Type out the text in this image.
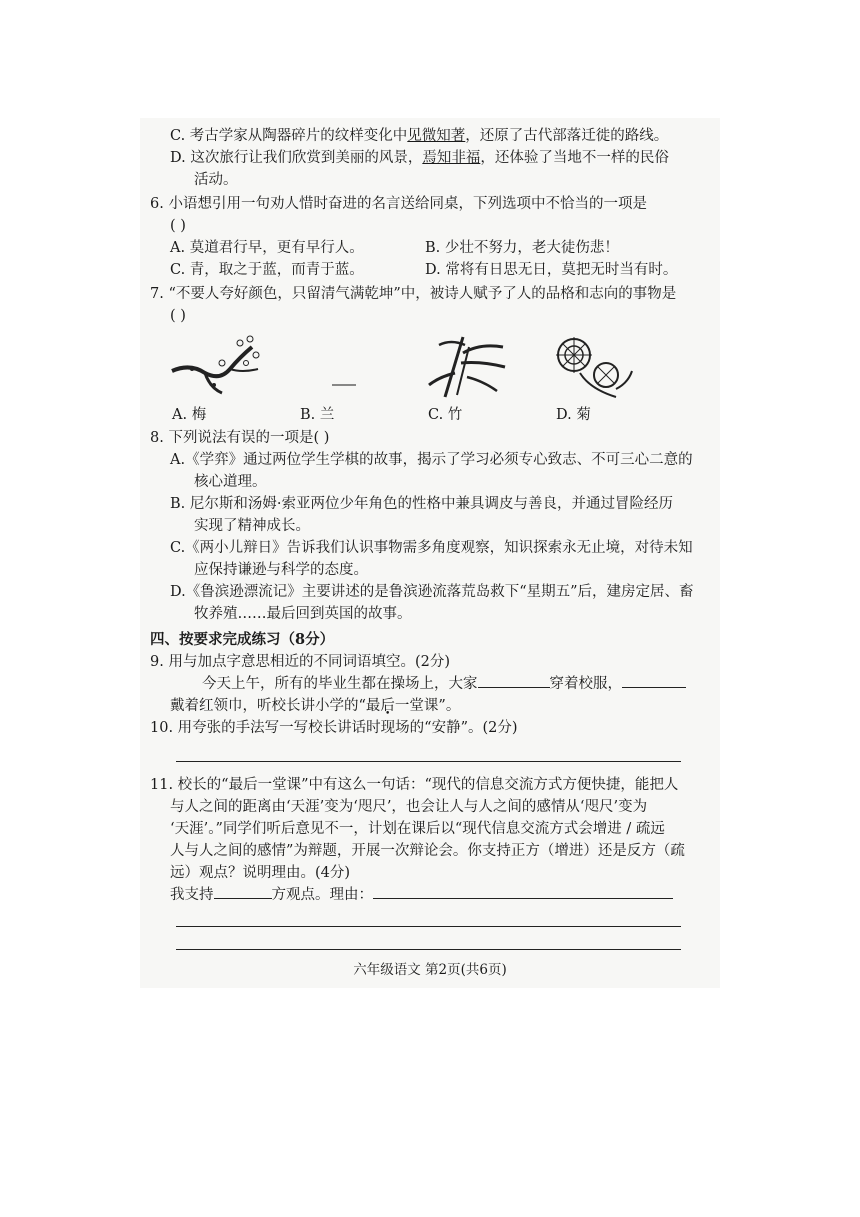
C. 考古学家从陶器碎片的纹样变化中见微知著，还原了古代部落迁徙的路线。
D. 这次旅行让我们欣赏到美丽的风景，焉知非福，还体验了当地不一样的民俗
活动。
6. 小语想引用一句劝人惜时奋进的名言送给同桌，下列选项中不恰当的一项是
( )
A. 莫道君行早，更有早行人。	B. 少壮不努力，老大徒伤悲！
C. 青，取之于蓝，而青于蓝。	D. 常将有日思无日，莫把无时当有时。
7. “不要人夸好颜色，只留清气满乾坤”中，被诗人赋予了人的品格和志向的事物是
( )
A. 梅	B. 兰	C. 竹	D. 菊
8. 下列说法有误的一项是( )
A.《学弈》通过两位学生学棋的故事，揭示了学习必须专心致志、不可三心二意的
核心道理。
B. 尼尔斯和汤姆·索亚两位少年角色的性格中兼具调皮与善良，并通过冒险经历
实现了精神成长。
C.《两小儿辩日》告诉我们认识事物需多角度观察，知识探索永无止境，对待未知
应保持谦逊与科学的态度。
D.《鲁滨逊漂流记》主要讲述的是鲁滨逊流落荒岛救下“星期五”后，建房定居、畜
牧养殖……最后回到英国的故事。
四、按要求完成练习（8分）
9. 用与加点字意思相近的不同词语填空。(2分)
今天上午，所有的毕业生都在操场上，大家	穿着校服，
戴着红领巾，听校长讲小学的“最后一堂课”。
10. 用夸张的手法写一写校长讲话时现场的“安静”。(2分)
11. 校长的“最后一堂课”中有这么一句话：“现代的信息交流方式方便快捷，能把人
与人之间的距离由‘天涯’变为‘咫尺’，也会让人与人之间的感情从‘咫尺’变为
‘天涯’。”同学们听后意见不一，计划在课后以“现代信息交流方式会增进 / 疏远
人与人之间的感情”为辩题，开展一次辩论会。你支持正方（增进）还是反方（疏
远）观点？说明理由。(4分)
我支持	方观点。理由：
六年级语文 第2页(共6页)
